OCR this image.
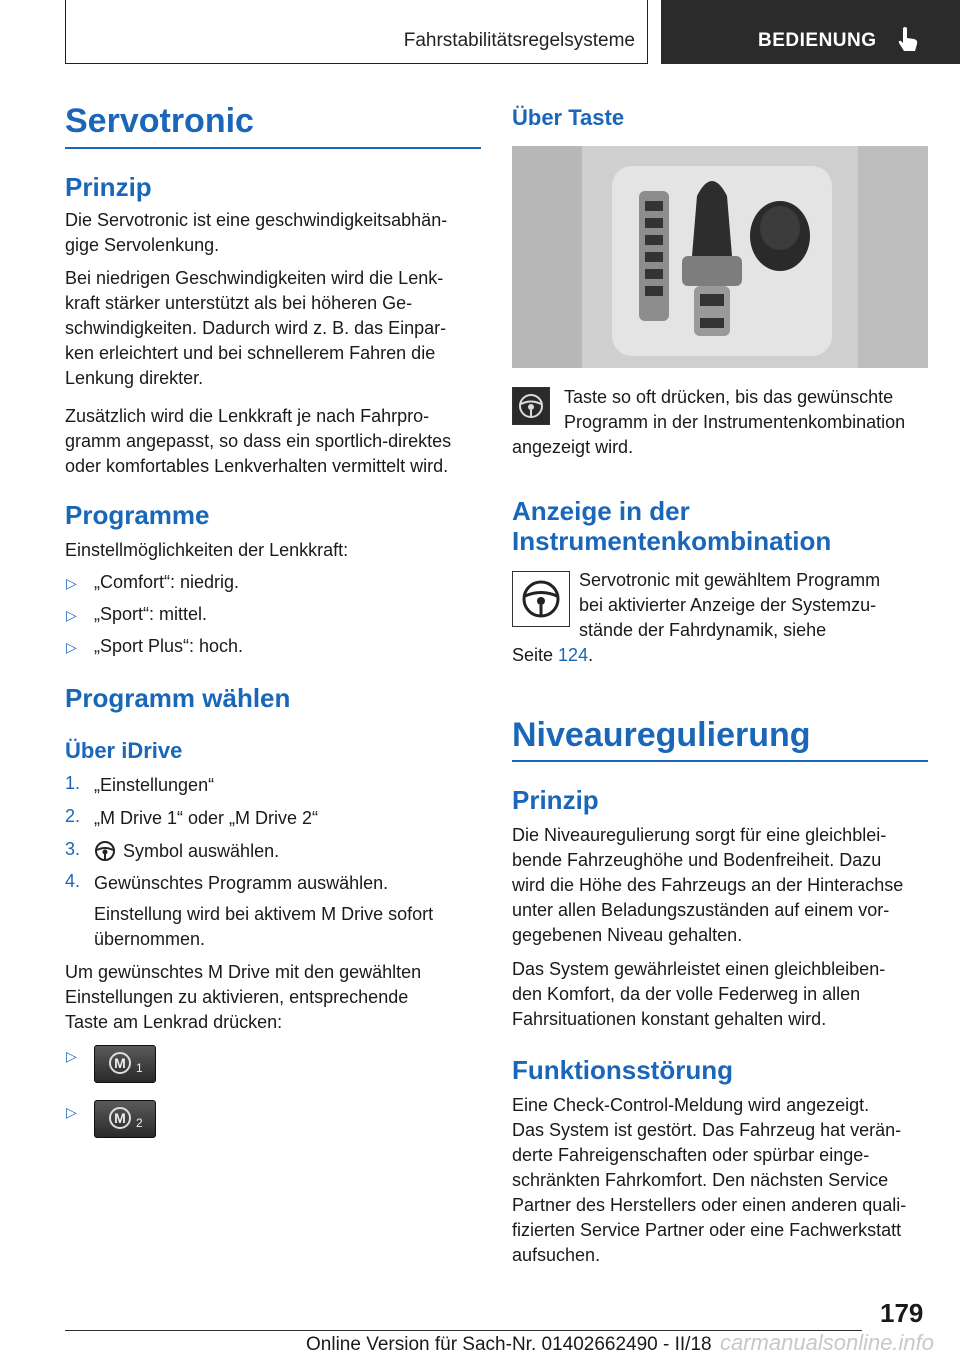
Fahrstabilitätsregelsysteme	BEDIENUNG
Servotronic
Prinzip
Die Servotronic ist eine geschwindigkeitsabhän‐
gige Servolenkung.
Bei niedrigen Geschwindigkeiten wird die Lenk‐
kraft stärker unterstützt als bei höheren Ge‐
schwindigkeiten. Dadurch wird z. B. das Einpar‐
ken erleichtert und bei schnellerem Fahren die
Lenkung direkter.
Zusätzlich wird die Lenkkraft je nach Fahrpro‐
gramm angepasst, so dass ein sportlich-direktes
oder komfortables Lenkverhalten vermittelt wird.
Programme
Einstellmöglichkeiten der Lenkkraft:
▷ „Comfort“: niedrig.
▷ „Sport“: mittel.
▷ „Sport Plus“: hoch.
Programm wählen
Über iDrive
1. „Einstellungen“
2. „M Drive 1“ oder „M Drive 2“
3. Symbol auswählen.
4. Gewünschtes Programm auswählen.
Einstellung wird bei aktivem M Drive sofort
übernommen.
Um gewünschtes M Drive mit den gewählten
Einstellungen zu aktivieren, entsprechende
Taste am Lenkrad drücken:
▷	M 1
▷	M 2
Über Taste
Taste so oft drücken, bis das gewünschte
Programm in der Instrumentenkombination
angezeigt wird.
Anzeige in der
Instrumentenkombination
Servotronic mit gewähltem Programm
bei aktivierter Anzeige der Systemzu‐
stände der Fahrdynamik, siehe
Seite 124.
Niveauregulierung
Prinzip
Die Niveauregulierung sorgt für eine gleichblei‐
bende Fahrzeughöhe und Bodenfreiheit. Dazu
wird die Höhe des Fahrzeugs an der Hinterachse
unter allen Beladungszuständen auf einem vor‐
gegebenen Niveau gehalten.
Das System gewährleistet einen gleichbleiben‐
den Komfort, da der volle Federweg in allen
Fahrsituationen konstant gehalten wird.
Funktionsstörung
Eine Check-Control-Meldung wird angezeigt.
Das System ist gestört. Das Fahrzeug hat verän‐
derte Fahreigenschaften oder spürbar einge‐
schränkten Fahrkomfort. Den nächsten Service
Partner des Herstellers oder einen anderen quali‐
fizierten Service Partner oder eine Fachwerkstatt
aufsuchen.
179
Online Version für Sach-Nr. 01402662490 - II/18 carmanualsonline.info
